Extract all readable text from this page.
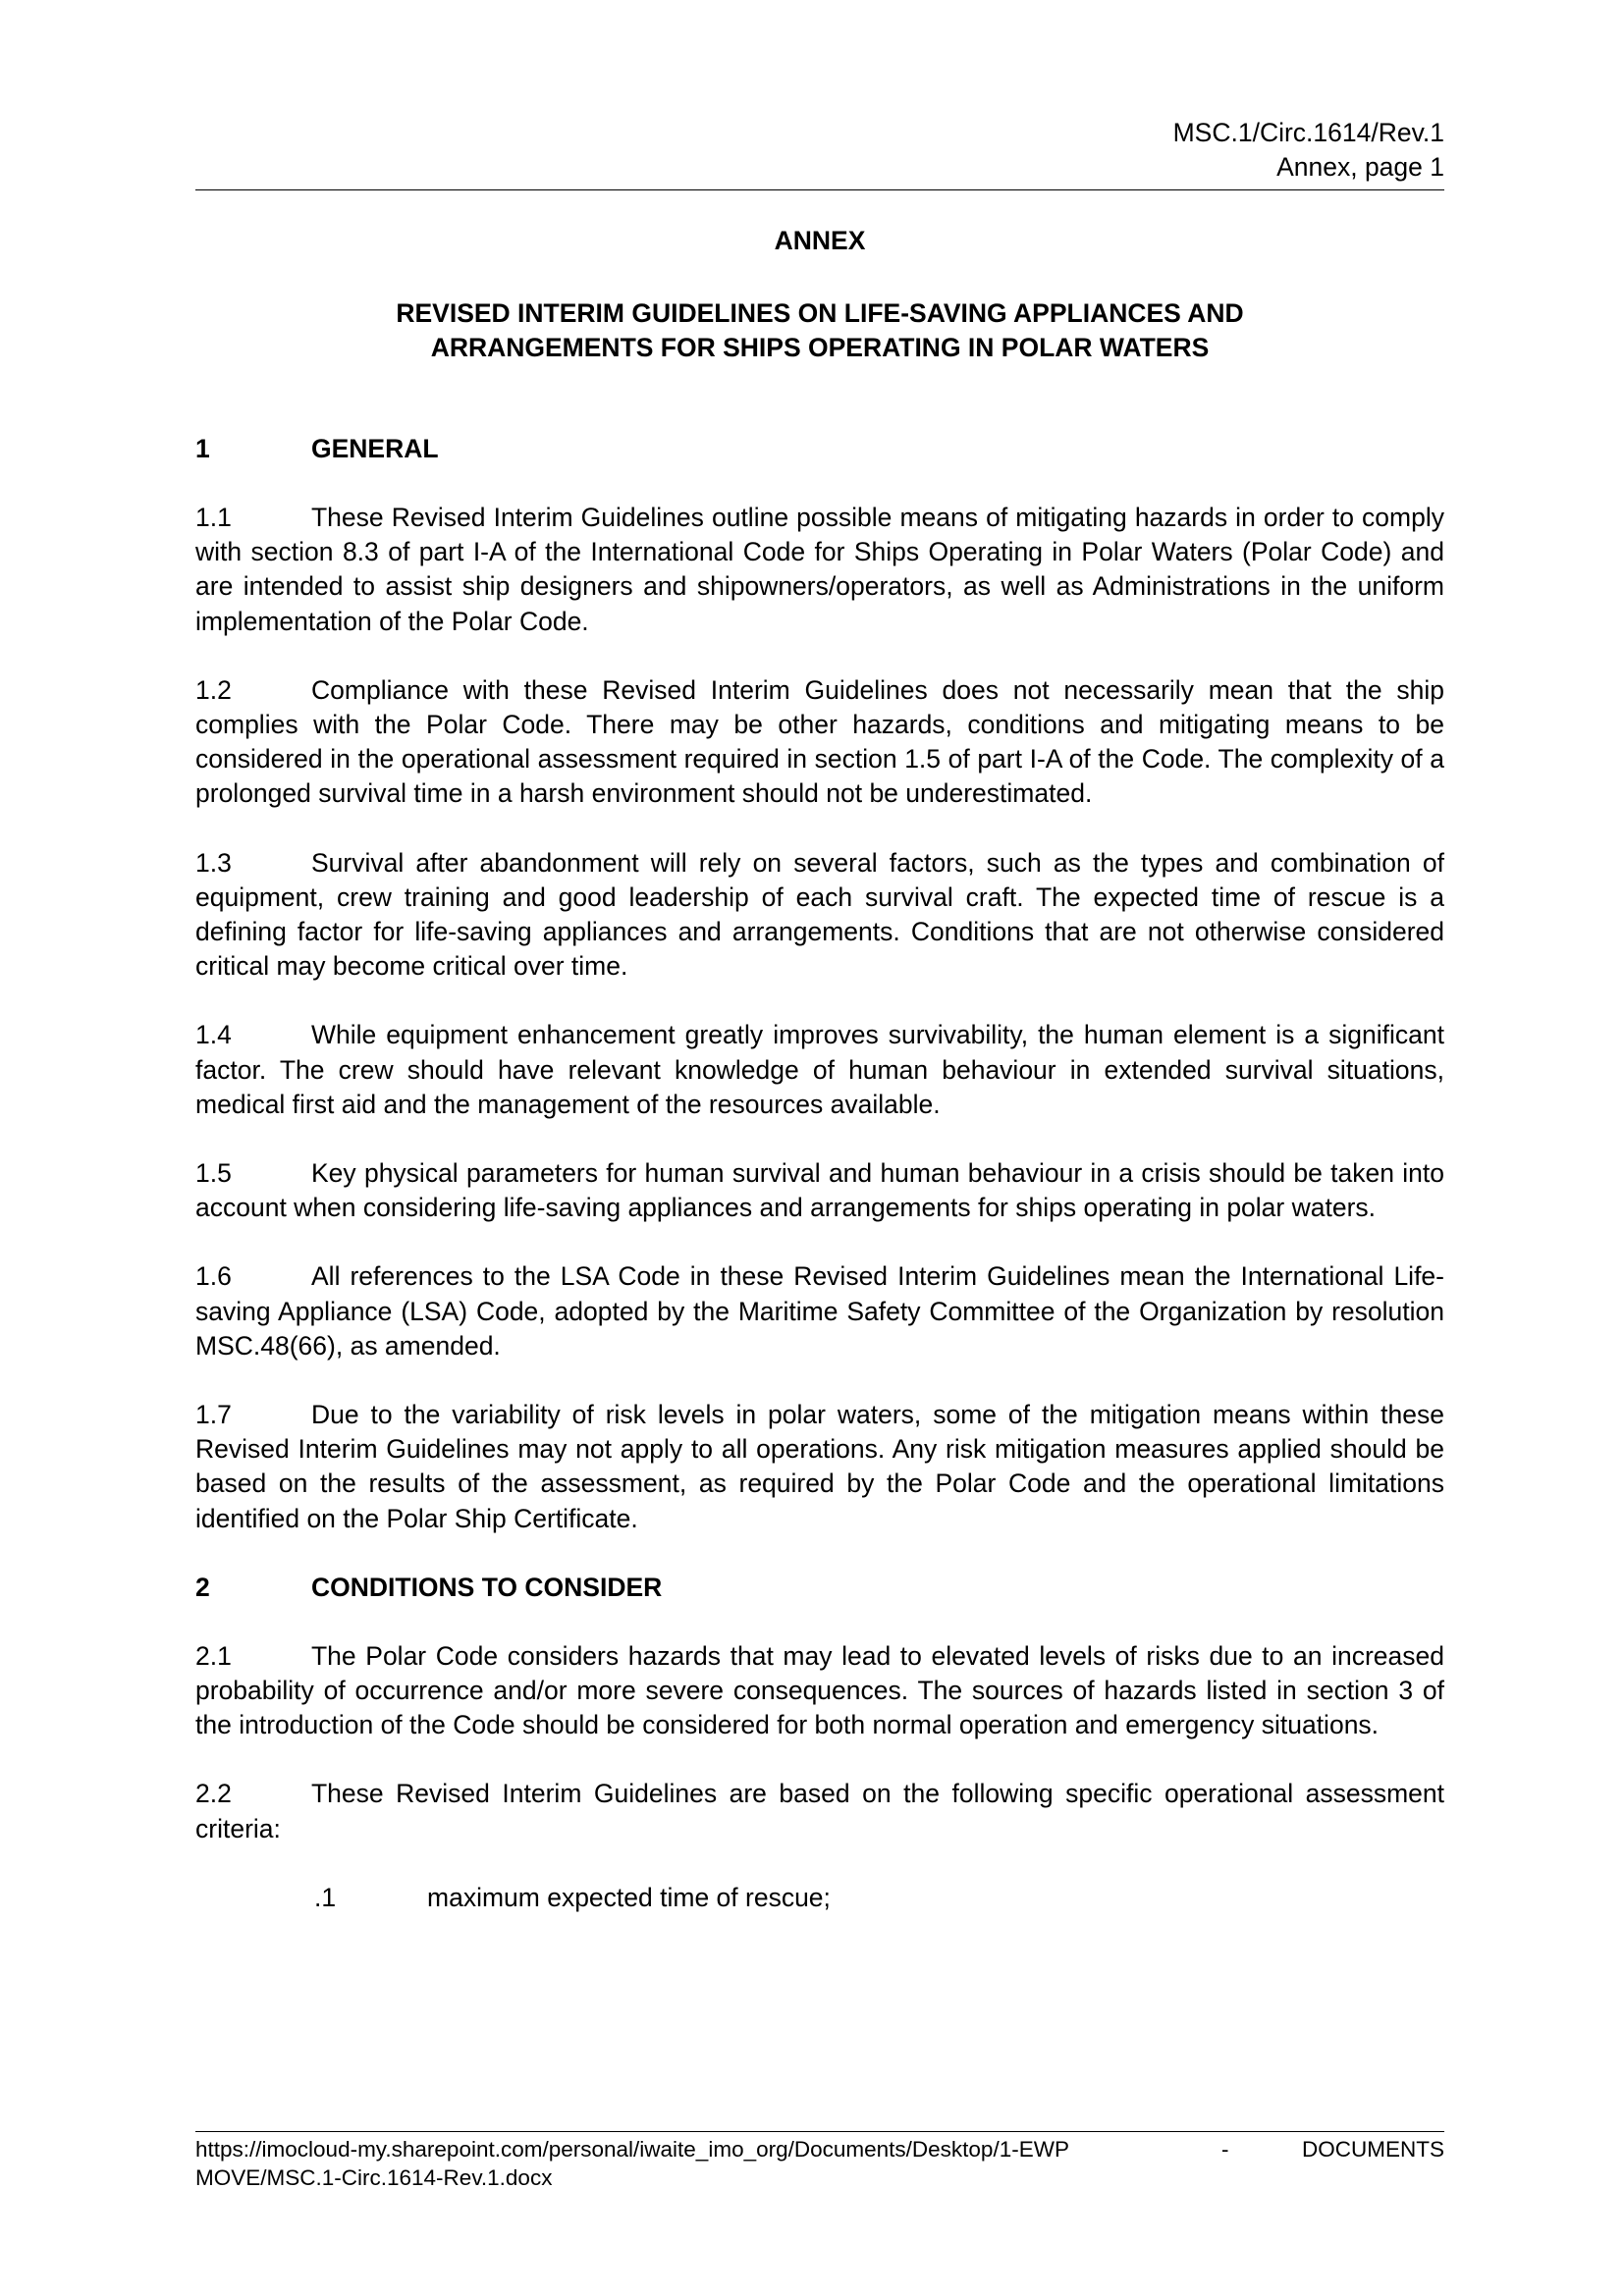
MSC.1/Circ.1614/Rev.1
Annex, page 1
ANNEX
REVISED INTERIM GUIDELINES ON LIFE-SAVING APPLIANCES AND
ARRANGEMENTS FOR SHIPS OPERATING IN POLAR WATERS
1	GENERAL

1.1	These Revised Interim Guidelines outline possible means of mitigating hazards in order to comply with section 8.3 of part I-A of the International Code for Ships Operating in Polar Waters (Polar Code) and are intended to assist ship designers and shipowners/operators, as well as Administrations in the uniform implementation of the Polar Code.

1.2	Compliance with these Revised Interim Guidelines does not necessarily mean that the ship complies with the Polar Code. There may be other hazards, conditions and mitigating means to be considered in the operational assessment required in section 1.5 of part I-A of the Code. The complexity of a prolonged survival time in a harsh environment should not be underestimated.

1.3	Survival after abandonment will rely on several factors, such as the types and combination of equipment, crew training and good leadership of each survival craft. The expected time of rescue is a defining factor for life-saving appliances and arrangements. Conditions that are not otherwise considered critical may become critical over time.

1.4	While equipment enhancement greatly improves survivability, the human element is a significant factor. The crew should have relevant knowledge of human behaviour in extended survival situations, medical first aid and the management of the resources available.

1.5	Key physical parameters for human survival and human behaviour in a crisis should be taken into account when considering life-saving appliances and arrangements for ships operating in polar waters.

1.6	All references to the LSA Code in these Revised Interim Guidelines mean the International Life-saving Appliance (LSA) Code, adopted by the Maritime Safety Committee of the Organization by resolution MSC.48(66), as amended.

1.7	Due to the variability of risk levels in polar waters, some of the mitigation means within these Revised Interim Guidelines may not apply to all operations. Any risk mitigation measures applied should be based on the results of the assessment, as required by the Polar Code and the operational limitations identified on the Polar Ship Certificate.

2	CONDITIONS TO CONSIDER

2.1	The Polar Code considers hazards that may lead to elevated levels of risks due to an increased probability of occurrence and/or more severe consequences. The sources of hazards listed in section 3 of the introduction of the Code should be considered for both normal operation and emergency situations.

2.2	These Revised Interim Guidelines are based on the following specific operational assessment criteria:

.1	maximum expected time of rescue;
https://imocloud-my.sharepoint.com/personal/iwaite_imo_org/Documents/Desktop/1-EWP	-	DOCUMENTS
MOVE/MSC.1-Circ.1614-Rev.1.docx
